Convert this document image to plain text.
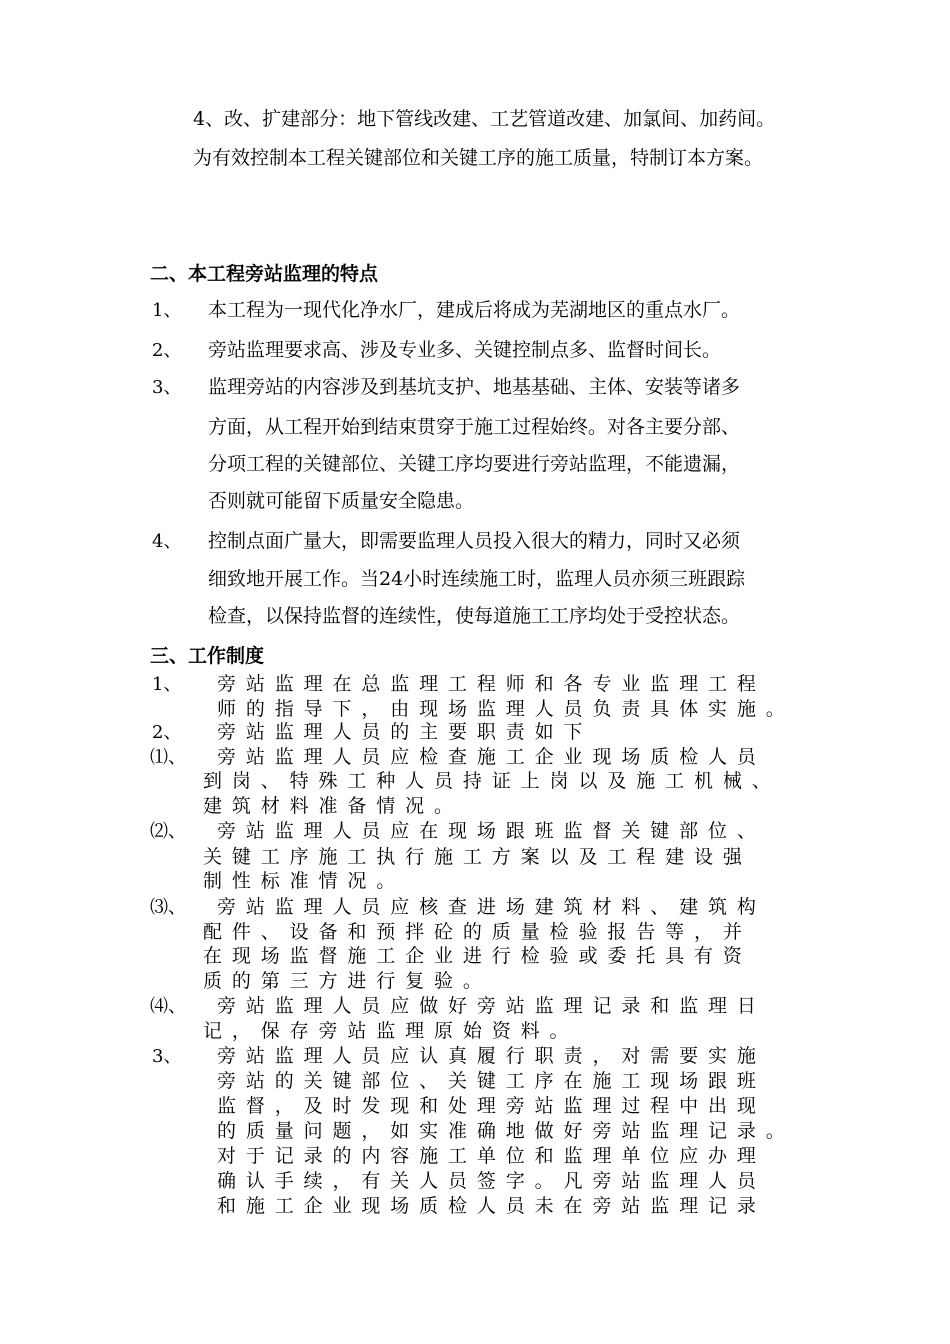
4、改、扩建部分：地下管线改建、工艺管道改建、加氯间、加药间。
为有效控制本工程关键部位和关键工序的施工质量，特制订本方案。
二、本工程旁站监理的特点
1、 本工程为一现代化净水厂，建成后将成为芜湖地区的重点水厂。
2、 旁站监理要求高、涉及专业多、关键控制点多、监督时间长。
3、 监理旁站的内容涉及到基坑支护、地基基础、主体、安装等诸多
方面，从工程开始到结束贯穿于施工过程始终。对各主要分部、
分项工程的关键部位、关键工序均要进行旁站监理，不能遗漏，
否则就可能留下质量安全隐患。
4、 控制点面广量大，即需要监理人员投入很大的精力，同时又必须
细致地开展工作。当24小时连续施工时，监理人员亦须三班跟踪
检查，以保持监督的连续性，使每道施工工序均处于受控状态。
三、工作制度
1、 旁站监理在总监理工程师和各专业监理工程
师的指导下，由现场监理人员负责具体实施。
2、 旁站监理人员的主要职责如下
⑴、 旁站监理人员应检查施工企业现场质检人员
到岗、特殊工种人员持证上岗以及施工机械、
建筑材料准备情况。
⑵、 旁站监理人员应在现场跟班监督关键部位、
关键工序施工执行施工方案以及工程建设强
制性标准情况。
⑶、 旁站监理人员应核查进场建筑材料、建筑构
配件、设备和预拌砼的质量检验报告等，并
在现场监督施工企业进行检验或委托具有资
质的第三方进行复验。
⑷、 旁站监理人员应做好旁站监理记录和监理日
记，保存旁站监理原始资料。
3、 旁站监理人员应认真履行职责，对需要实施
旁站的关键部位、关键工序在施工现场跟班
监督，及时发现和处理旁站监理过程中出现
的质量问题，如实准确地做好旁站监理记录。
对于记录的内容施工单位和监理单位应办理
确认手续，有关人员签字。凡旁站监理人员
和施工企业现场质检人员未在旁站监理记录
